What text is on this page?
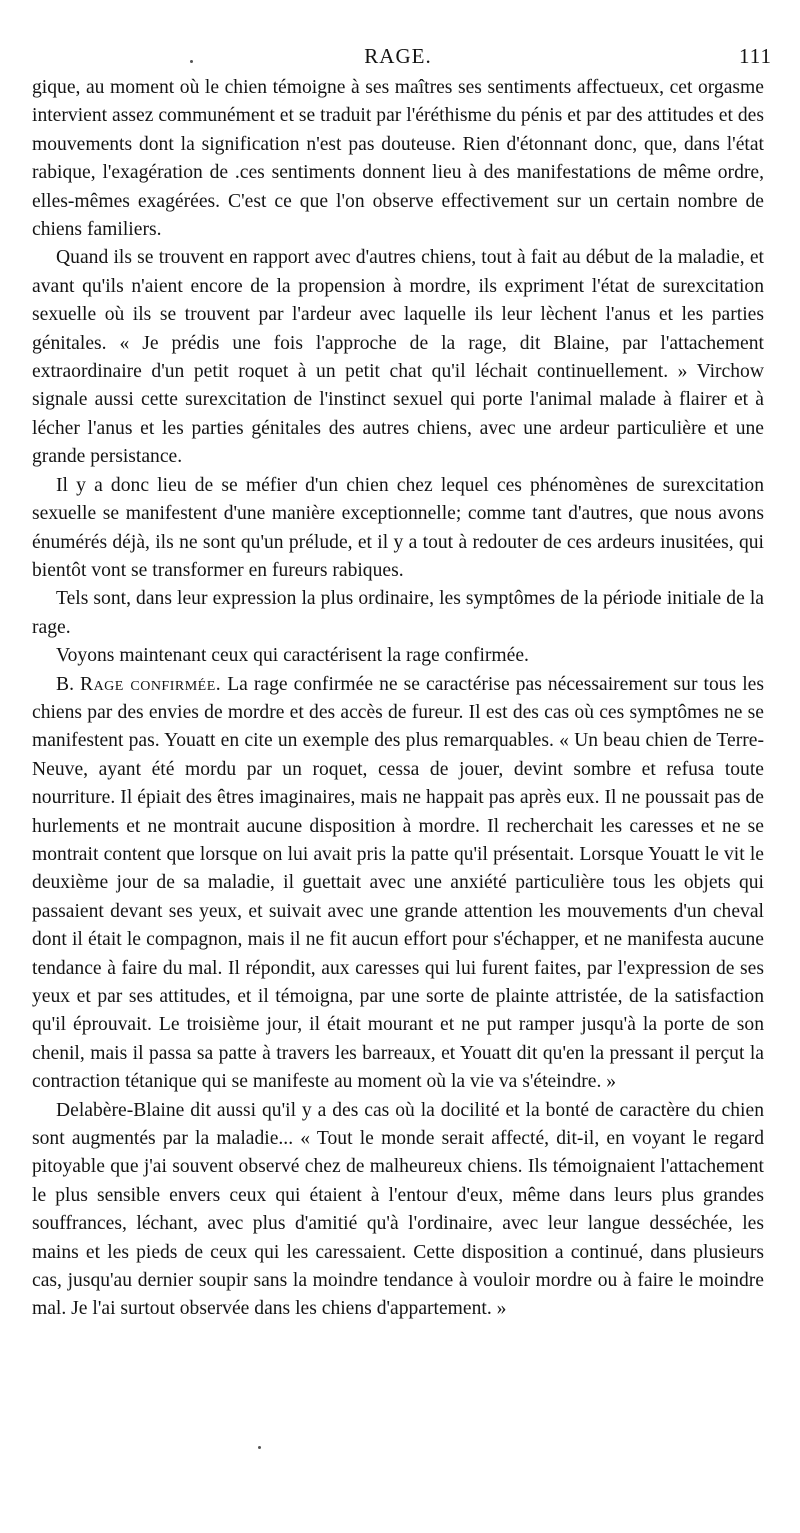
RAGE.	111

gique, au moment où le chien témoigne à ses maîtres ses sentiments affectueux, cet orgasme intervient assez communément et se traduit par l'éréthisme du pénis et par des attitudes et des mouvements dont la signification n'est pas douteuse. Rien d'étonnant donc, que, dans l'état rabique, l'exagération de .ces sentiments donnent lieu à des manifestations de même ordre, elles-mêmes exagérées. C'est ce que l'on observe effectivement sur un certain nombre de chiens familiers.

Quand ils se trouvent en rapport avec d'autres chiens, tout à fait au début de la maladie, et avant qu'ils n'aient encore de la propension à mordre, ils expriment l'état de surexcitation sexuelle où ils se trouvent par l'ardeur avec laquelle ils leur lèchent l'anus et les parties génitales. « Je prédis une fois l'approche de la rage, dit Blaine, par l'attachement extraordinaire d'un petit roquet à un petit chat qu'il léchait continuellement. » Virchow signale aussi cette surexcitation de l'instinct sexuel qui porte l'animal malade à flairer et à lécher l'anus et les parties génitales des autres chiens, avec une ardeur particulière et une grande persistance.

Il y a donc lieu de se méfier d'un chien chez lequel ces phénomènes de surexcitation sexuelle se manifestent d'une manière exceptionnelle; comme tant d'autres, que nous avons énumérés déjà, ils ne sont qu'un prélude, et il y a tout à redouter de ces ardeurs inusitées, qui bientôt vont se transformer en fureurs rabiques.

Tels sont, dans leur expression la plus ordinaire, les symptômes de la période initiale de la rage.

Voyons maintenant ceux qui caractérisent la rage confirmée.

B. Rage confirmée. La rage confirmée ne se caractérise pas nécessairement sur tous les chiens par des envies de mordre et des accès de fureur. Il est des cas où ces symptômes ne se manifestent pas. Youatt en cite un exemple des plus remarquables. « Un beau chien de Terre-Neuve, ayant été mordu par un roquet, cessa de jouer, devint sombre et refusa toute nourriture. Il épiait des êtres imaginaires, mais ne happait pas après eux. Il ne poussait pas de hurlements et ne montrait aucune disposition à mordre. Il recherchait les caresses et ne se montrait content que lorsque on lui avait pris la patte qu'il présentait. Lorsque Youatt le vit le deuxième jour de sa maladie, il guettait avec une anxiété particulière tous les objets qui passaient devant ses yeux, et suivait avec une grande attention les mouvements d'un cheval dont il était le compagnon, mais il ne fit aucun effort pour s'échapper, et ne manifesta aucune tendance à faire du mal. Il répondit, aux caresses qui lui furent faites, par l'expression de ses yeux et par ses attitudes, et il témoigna, par une sorte de plainte attristée, de la satisfaction qu'il éprouvait. Le troisième jour, il était mourant et ne put ramper jusqu'à la porte de son chenil, mais il passa sa patte à travers les barreaux, et Youatt dit qu'en la pressant il perçut la contraction tétanique qui se manifeste au moment où la vie va s'éteindre. »

Delabère-Blaine dit aussi qu'il y a des cas où la docilité et la bonté de caractère du chien sont augmentés par la maladie... « Tout le monde serait affecté, dit-il, en voyant le regard pitoyable que j'ai souvent observé chez de malheureux chiens. Ils témoignaient l'attachement le plus sensible envers ceux qui étaient à l'entour d'eux, même dans leurs plus grandes souffrances, léchant, avec plus d'amitié qu'à l'ordinaire, avec leur langue desséchée, les mains et les pieds de ceux qui les caressaient. Cette disposition a continué, dans plusieurs cas, jusqu'au dernier soupir sans la moindre tendance à vouloir mordre ou à faire le moindre mal. Je l'ai surtout observée dans les chiens d'appartement. »
